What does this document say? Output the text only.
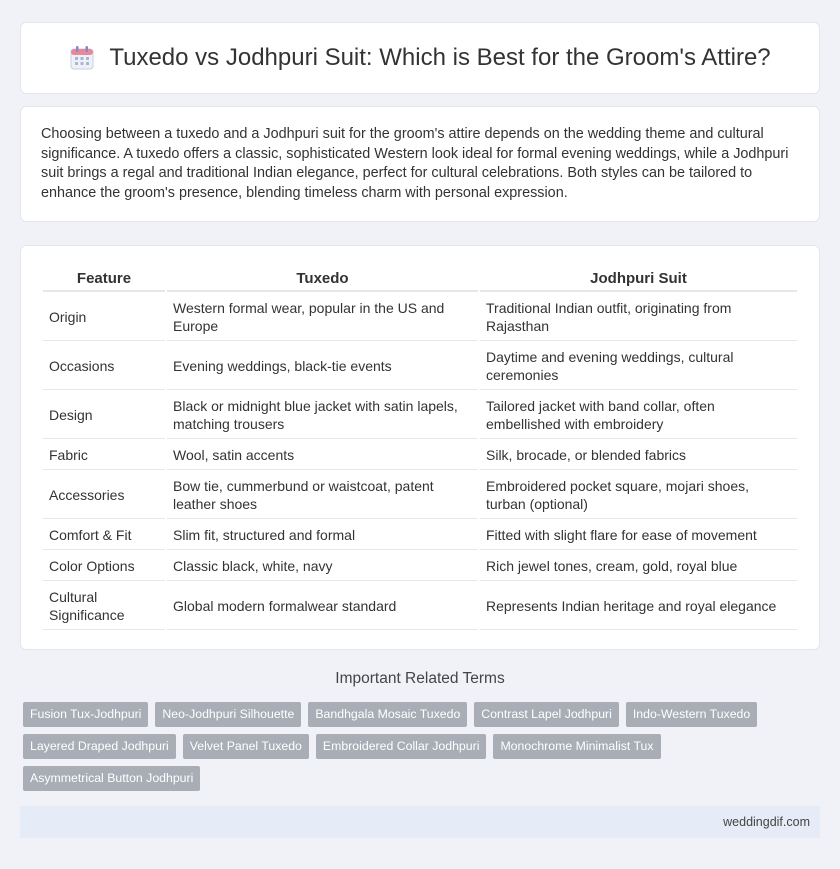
Tuxedo vs Jodhpuri Suit: Which is Best for the Groom's Attire?

Choosing between a tuxedo and a Jodhpuri suit for the groom's attire depends on the wedding theme and cultural significance. A tuxedo offers a classic, sophisticated Western look ideal for formal evening weddings, while a Jodhpuri suit brings a regal and traditional Indian elegance, perfect for cultural celebrations. Both styles can be tailored to enhance the groom's presence, blending timeless charm with personal expression.

Feature	Tuxedo	Jodhpuri Suit
Origin	Western formal wear, popular in the US and Europe	Traditional Indian outfit, originating from Rajasthan
Occasions	Evening weddings, black-tie events	Daytime and evening weddings, cultural ceremonies
Design	Black or midnight blue jacket with satin lapels, matching trousers	Tailored jacket with band collar, often embellished with embroidery
Fabric	Wool, satin accents	Silk, brocade, or blended fabrics
Accessories	Bow tie, cummerbund or waistcoat, patent leather shoes	Embroidered pocket square, mojari shoes, turban (optional)
Comfort & Fit	Slim fit, structured and formal	Fitted with slight flare for ease of movement
Color Options	Classic black, white, navy	Rich jewel tones, cream, gold, royal blue
Cultural Significance	Global modern formalwear standard	Represents Indian heritage and royal elegance
Important Related Terms
Fusion Tux-Jodhpuri	Neo-Jodhpuri Silhouette	Bandhgala Mosaic Tuxedo	Contrast Lapel Jodhpuri	Indo-Western Tuxedo
Layered Draped Jodhpuri	Velvet Panel Tuxedo	Embroidered Collar Jodhpuri	Monochrome Minimalist Tux
Asymmetrical Button Jodhpuri
weddingdif.com
